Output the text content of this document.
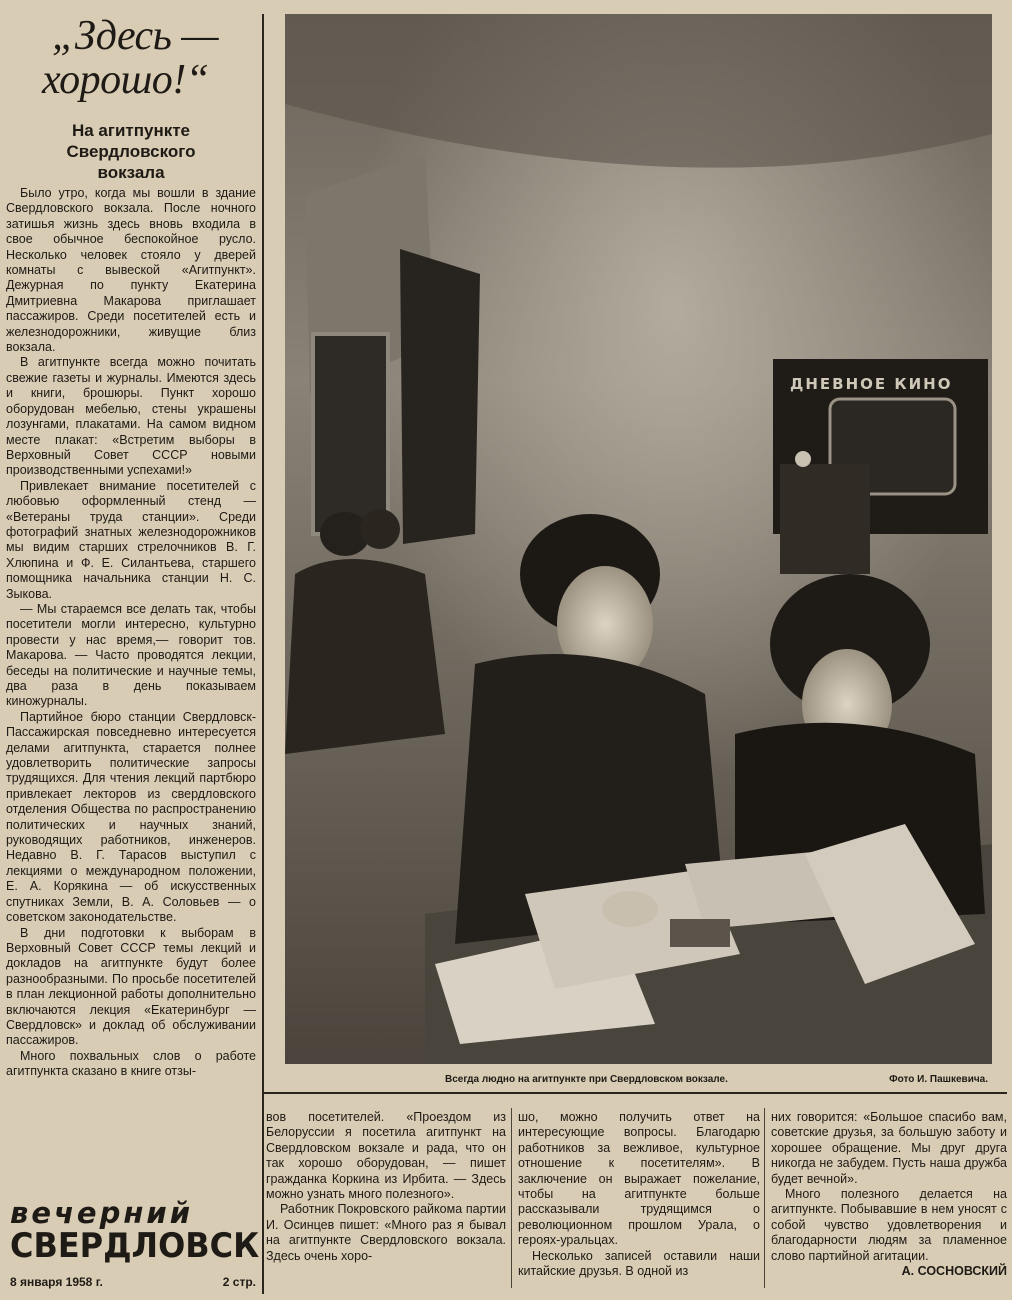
„Здесь —
хорошо!“
На агитпункте
Свердловского
вокзала

Было утро, когда мы вошли в здание Свердловского вокзала. После ночного затишья жизнь здесь вновь входила в свое обычное беспокойное русло. Несколько человек стояло у дверей комнаты с вывеской «Агитпункт». Дежурная по пункту Екатерина Дмитриевна Макарова приглашает пассажиров. Среди посетителей есть и железнодорожники, живущие близ вокзала.

В агитпункте всегда можно почитать свежие газеты и журналы. Имеются здесь и книги, брошюры. Пункт хорошо оборудован мебелью, стены украшены лозунгами, плакатами. На самом видном месте плакат: «Встретим выборы в Верховный Совет СССР новыми производственными успехами!»

Привлекает внимание посетителей с любовью оформленный стенд — «Ветераны труда станции». Среди фотографий знатных железнодорожников мы видим старших стрелочников В. Г. Хлюпина и Ф. Е. Силантьева, старшего помощника начальника станции Н. С. Зыкова.

— Мы стараемся все делать так, чтобы посетители могли интересно, культурно провести у нас время,— говорит тов. Макарова. — Часто проводятся лекции, беседы на политические и научные темы, два раза в день показываем киножурналы.

Партийное бюро станции Свердловск-Пассажирская повседневно интересуется делами агитпункта, старается полнее удовлетворить политические запросы трудящихся. Для чтения лекций партбюро привлекает лекторов из свердловского отделения Общества по распространению политических и научных знаний, руководящих работников, инженеров. Недавно В. Г. Тарасов выступил с лекциями о международном положении, Е. А. Корякина — об искусственных спутниках Земли, В. А. Соловьев — о советском законодательстве.

В дни подготовки к выборам в Верховный Совет СССР темы лекций и докладов на агитпункте будут более разнообразными. По просьбе посетителей в план лекционной работы дополнительно включаются лекция «Екатеринбург — Свердловск» и доклад об обслуживании пассажиров.

Много похвальных слов о работе агитпункта сказано в книге отзы-

вечерний
СВЕРДЛОВСК
8 января 1958 г.	2 стр.
ДНЕВНОЕ КИНО
Всегда людно на агитпункте при Свердловском вокзале.	Фото И. Пашкевича.

вов посетителей. «Проездом из Белоруссии я посетила агитпункт на Свердловском вокзале и рада, что он так хорошо оборудован, — пишет гражданка Коркина из Ирбита. — Здесь можно узнать много полезного».

Работник Покровского райкома партии И. Осинцев пишет: «Много раз я бывал на агитпункте Свердловского вокзала. Здесь очень хоро-

шо, можно получить ответ на интересующие вопросы. Благодарю работников за вежливое, культурное отношение к посетителям». В заключение он выражает пожелание, чтобы на агитпункте больше рассказывали трудящимся о революционном прошлом Урала, о героях-уральцах.

Несколько записей оставили наши китайские друзья. В одной из

них говорится: «Большое спасибо вам, советские друзья, за большую заботу и хорошее обращение. Мы друг друга никогда не забудем. Пусть наша дружба будет вечной».

Много полезного делается на агитпункте. Побывавшие в нем уносят с собой чувство удовлетворения и благодарности людям за пламенное слово партийной агитации.

А. СОСНОВСКИЙ
